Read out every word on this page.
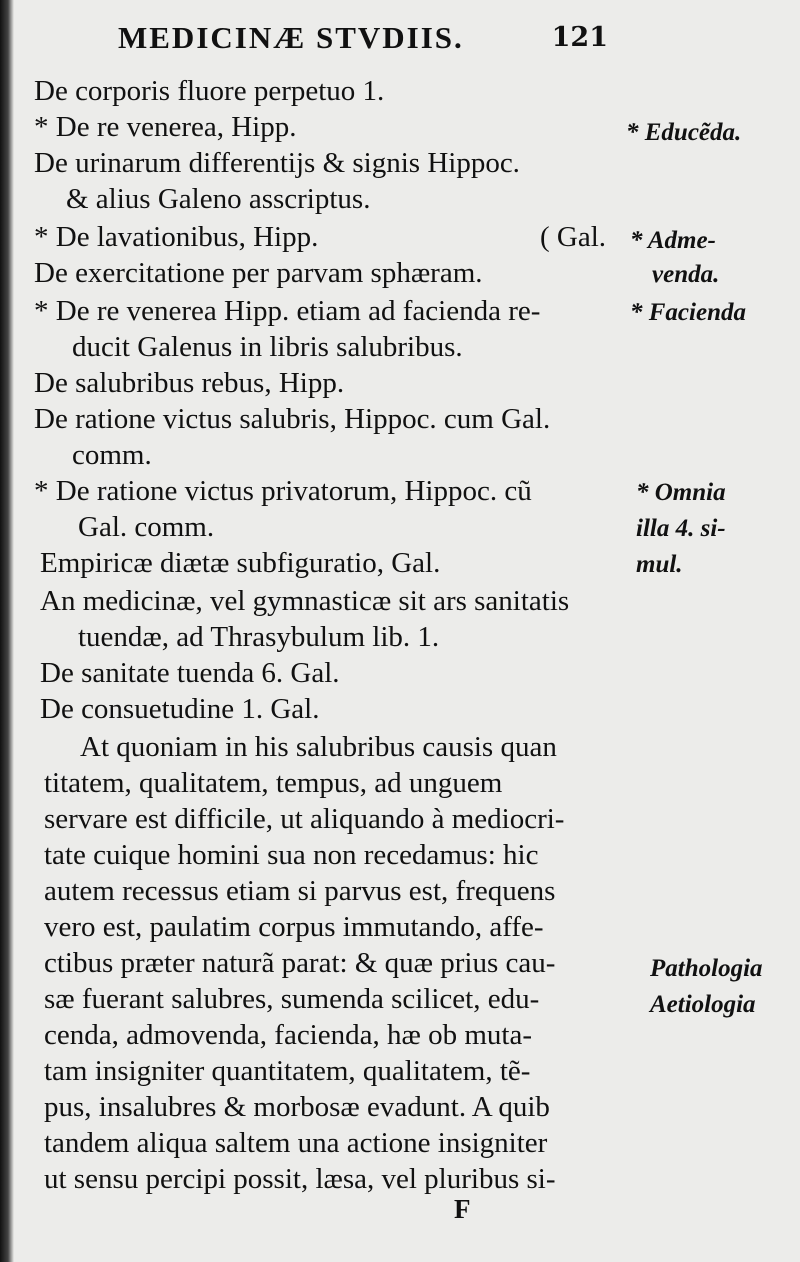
MEDICINÆ STVDIIS.	121
De corporis fluore perpetuo 1.
* De re venerea, Hipp.
De urinarum differentijs & signis Hippoc.
& alius Galeno asscriptus.
* De lavationibus, Hipp.	( Gal.
De exercitatione per parvam sphæram.
* De re venerea Hipp. etiam ad facienda re-
ducit Galenus in libris salubribus.
De salubribus rebus, Hipp.
De ratione victus salubris, Hippoc. cum Gal.
comm.
* De ratione victus privatorum, Hippoc. cũ
Gal. comm.
Empiricæ diætæ subfiguratio, Gal.
An medicinæ, vel gymnasticæ sit ars sanitatis
tuendæ, ad Thrasybulum lib. 1.
De sanitate tuenda 6. Gal.
De consuetudine 1. Gal.
At quoniam in his salubribus causis quan
titatem, qualitatem, tempus, ad unguem
servare est difficile, ut aliquando à mediocri-
tate cuique homini sua non recedamus: hic
autem recessus etiam si parvus est, frequens
vero est, paulatim corpus immutando, affe-
ctibus præter naturã parat: & quæ prius cau-
sæ fuerant salubres, sumenda scilicet, edu-
cenda, admovenda, facienda, hæ ob muta-
tam insigniter quantitatem, qualitatem, tẽ-
pus, insalubres & morbosæ evadunt. A quib
tandem aliqua saltem una actione insigniter
ut sensu percipi possit, læsa, vel pluribus si-
* Educẽda.
* Adme-
venda.
* Facienda
* Omnia
illa 4. si-
mul.
Pathologia
Aetiologia
F
